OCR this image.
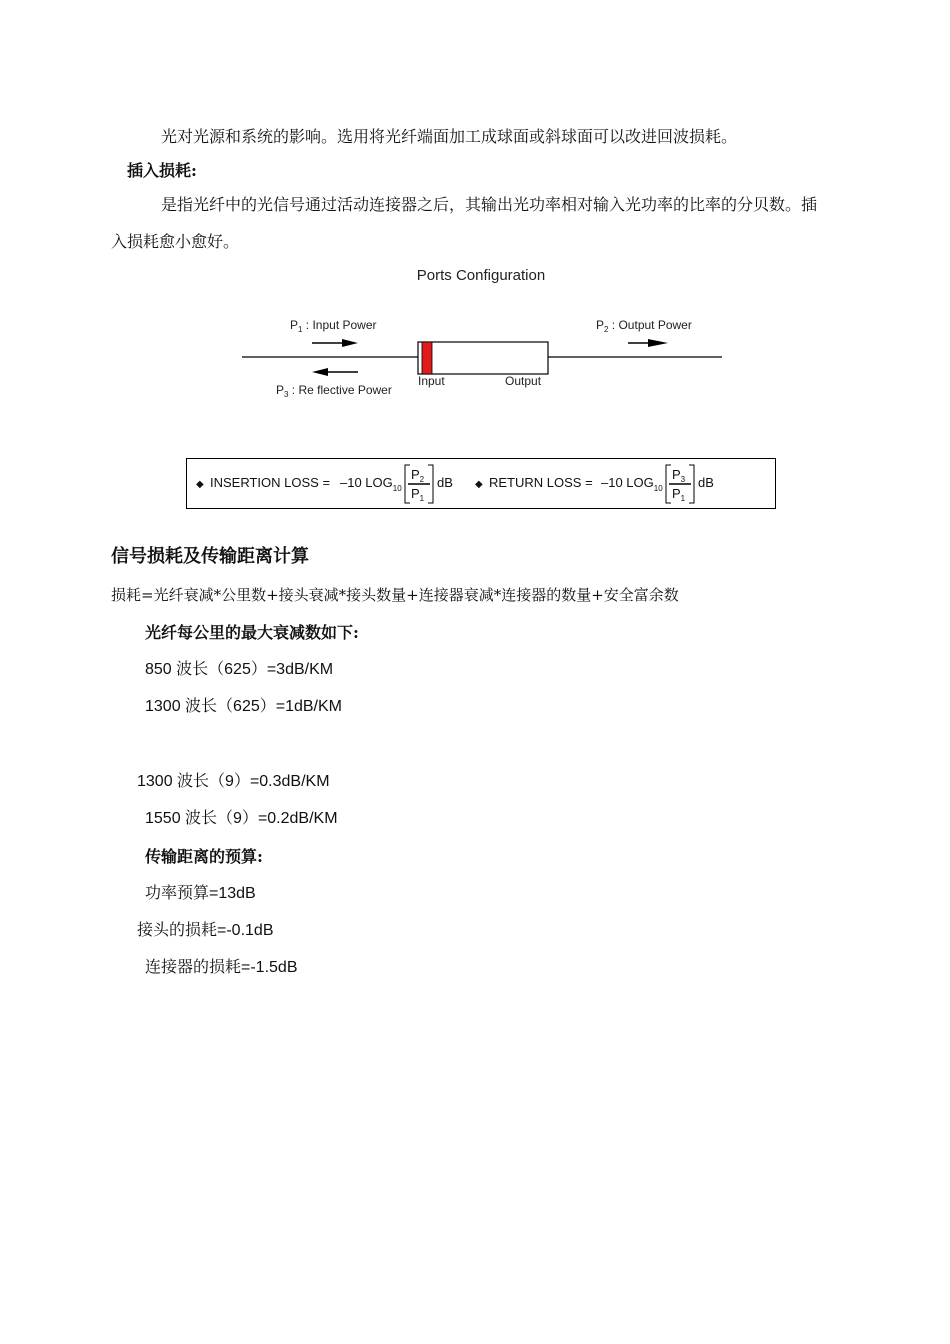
光对光源和系统的影响。选用将光纤端面加工成球面或斜球面可以改进回波损耗。
插入损耗:
是指光纤中的光信号通过活动连接器之后，其输出光功率相对输入光功率的比率的分贝数。插
入损耗愈小愈好。
Ports Configuration
$P_1$ : Input Power	$P_2$ : Output Power
$P_3$ : Re flective Power
Input	Output
◆ INSERTION LOSS = –10 $LOG_{10}$
$P_2$
$P_1$
dB ◆ RETURN LOSS = –10 $LOG_{10}$
$P_3$
$P_1$
dB
信号损耗及传输距离计算
损耗=光纤衰减*公里数+接头衰减*接头数量+连接器衰减*连接器的数量+安全富余数
光纤每公里的最大衰减数如下:
850 波长（625）=3dB/KM
1300 波长（625）=1dB/KM
1300 波长（9）=0.3dB/KM
1550 波长（9）=0.2dB/KM
传输距离的预算:
功率预算=13dB
接头的损耗=-0.1dB
连接器的损耗=-1.5dB
